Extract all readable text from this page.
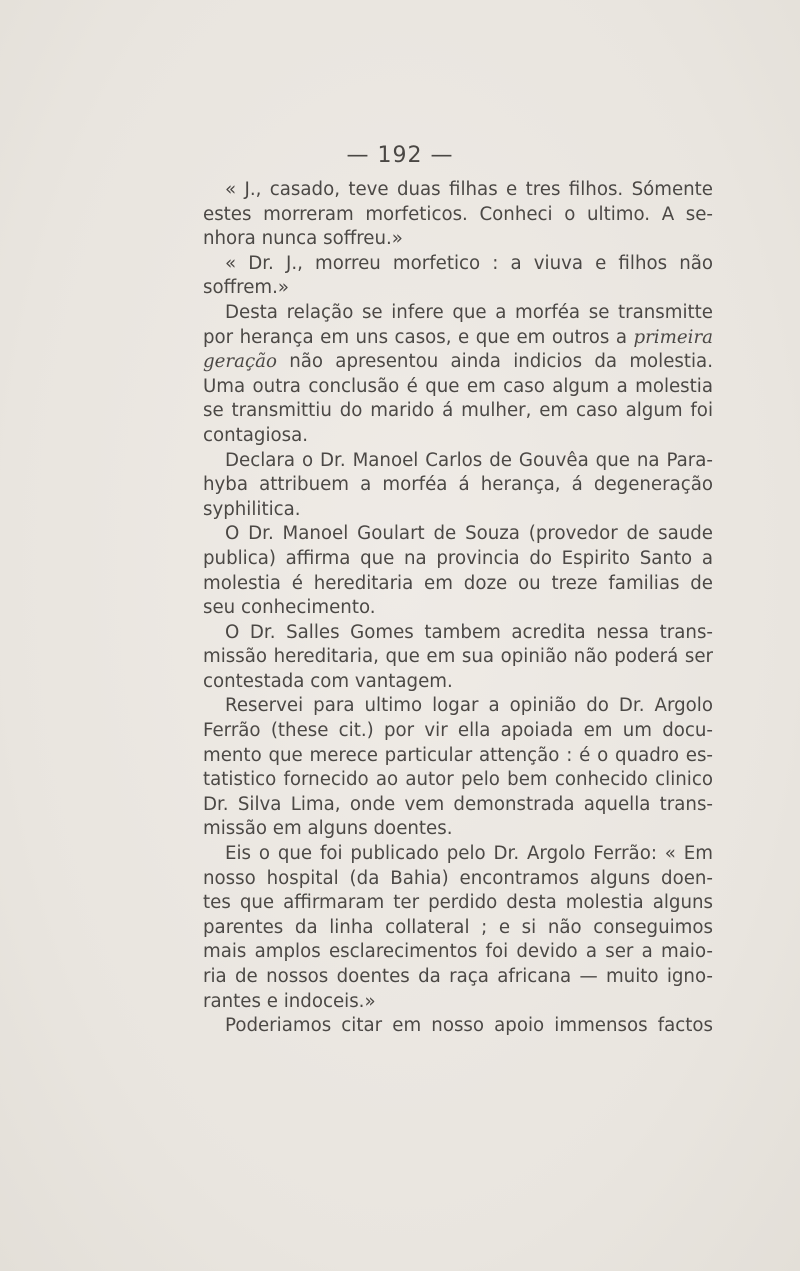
— 192 —
« J., casado, teve duas filhas e tres filhos. Sómente
estes morreram morfeticos. Conheci o ultimo. A se-
nhora nunca soffreu.»
« Dr. J., morreu morfetico : a viuva e filhos não
soffrem.»
Desta relação se infere que a morféa se transmitte
por herança em uns casos, e que em outros a primeira
geração não apresentou ainda indicios da molestia.
Uma outra conclusão é que em caso algum a molestia
se transmittiu do marido á mulher, em caso algum foi
contagiosa.
Declara o Dr. Manoel Carlos de Gouvêa que na Para-
hyba attribuem a morféa á herança, á degeneração
syphilitica.
O Dr. Manoel Goulart de Souza (provedor de saude
publica) affirma que na provincia do Espirito Santo a
molestia é hereditaria em doze ou treze familias de
seu conhecimento.
O Dr. Salles Gomes tambem acredita nessa trans-
missão hereditaria, que em sua opinião não poderá ser
contestada com vantagem.
Reservei para ultimo logar a opinião do Dr. Argolo
Ferrão (these cit.) por vir ella apoiada em um docu-
mento que merece particular attenção : é o quadro es-
tatistico fornecido ao autor pelo bem conhecido clinico
Dr. Silva Lima, onde vem demonstrada aquella trans-
missão em alguns doentes.
Eis o que foi publicado pelo Dr. Argolo Ferrão: « Em
nosso hospital (da Bahia) encontramos alguns doen-
tes que affirmaram ter perdido desta molestia alguns
parentes da linha collateral ; e si não conseguimos
mais amplos esclarecimentos foi devido a ser a maio-
ria de nossos doentes da raça africana — muito igno-
rantes e indoceis.»
Poderiamos citar em nosso apoio immensos factos
